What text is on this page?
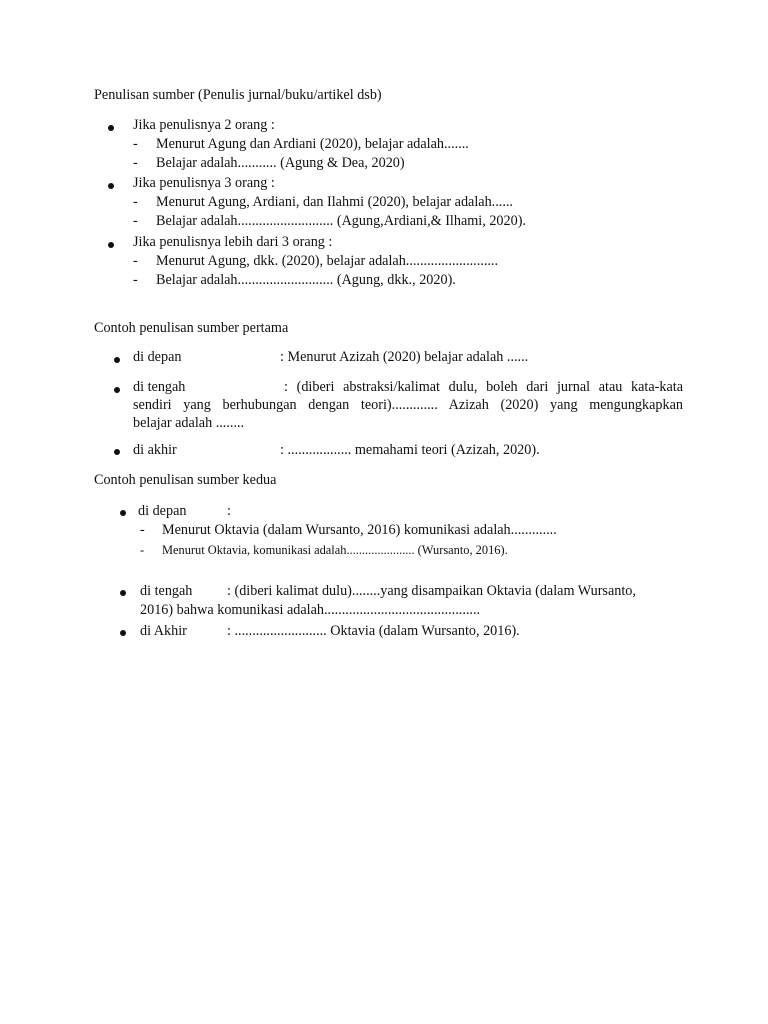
Penulisan sumber (Penulis jurnal/buku/artikel dsb)
Jika penulisnya 2 orang :
- Menurut Agung dan Ardiani (2020), belajar adalah.......
- Belajar adalah........... (Agung & Dea, 2020)
Jika penulisnya 3 orang :
- Menurut Agung, Ardiani, dan Ilahmi (2020), belajar adalah......
- Belajar adalah........................... (Agung,Ardiani,& Ilhami, 2020).
Jika penulisnya lebih dari 3 orang :
- Menurut Agung, dkk. (2020), belajar adalah..........................
- Belajar adalah........................... (Agung, dkk., 2020).
Contoh penulisan sumber pertama
di depan	: Menurut Azizah (2020) belajar adalah ......
di tengah	: (diberi abstraksi/kalimat dulu, boleh dari jurnal atau kata-kata
sendiri yang berhubungan dengan teori)............. Azizah (2020) yang mengungkapkan
belajar adalah ........
di akhir	: .................. memahami teori (Azizah, 2020).
Contoh penulisan sumber kedua
di depan	:
- Menurut Oktavia (dalam Wursanto, 2016) komunikasi adalah.............
- Menurut Oktavia, komunikasi adalah...................... (Wursanto, 2016).
di tengah : (diberi kalimat dulu)........yang disampaikan Oktavia (dalam Wursanto,
2016) bahwa komunikasi adalah............................................
di Akhir	: .......................... Oktavia (dalam Wursanto, 2016).
